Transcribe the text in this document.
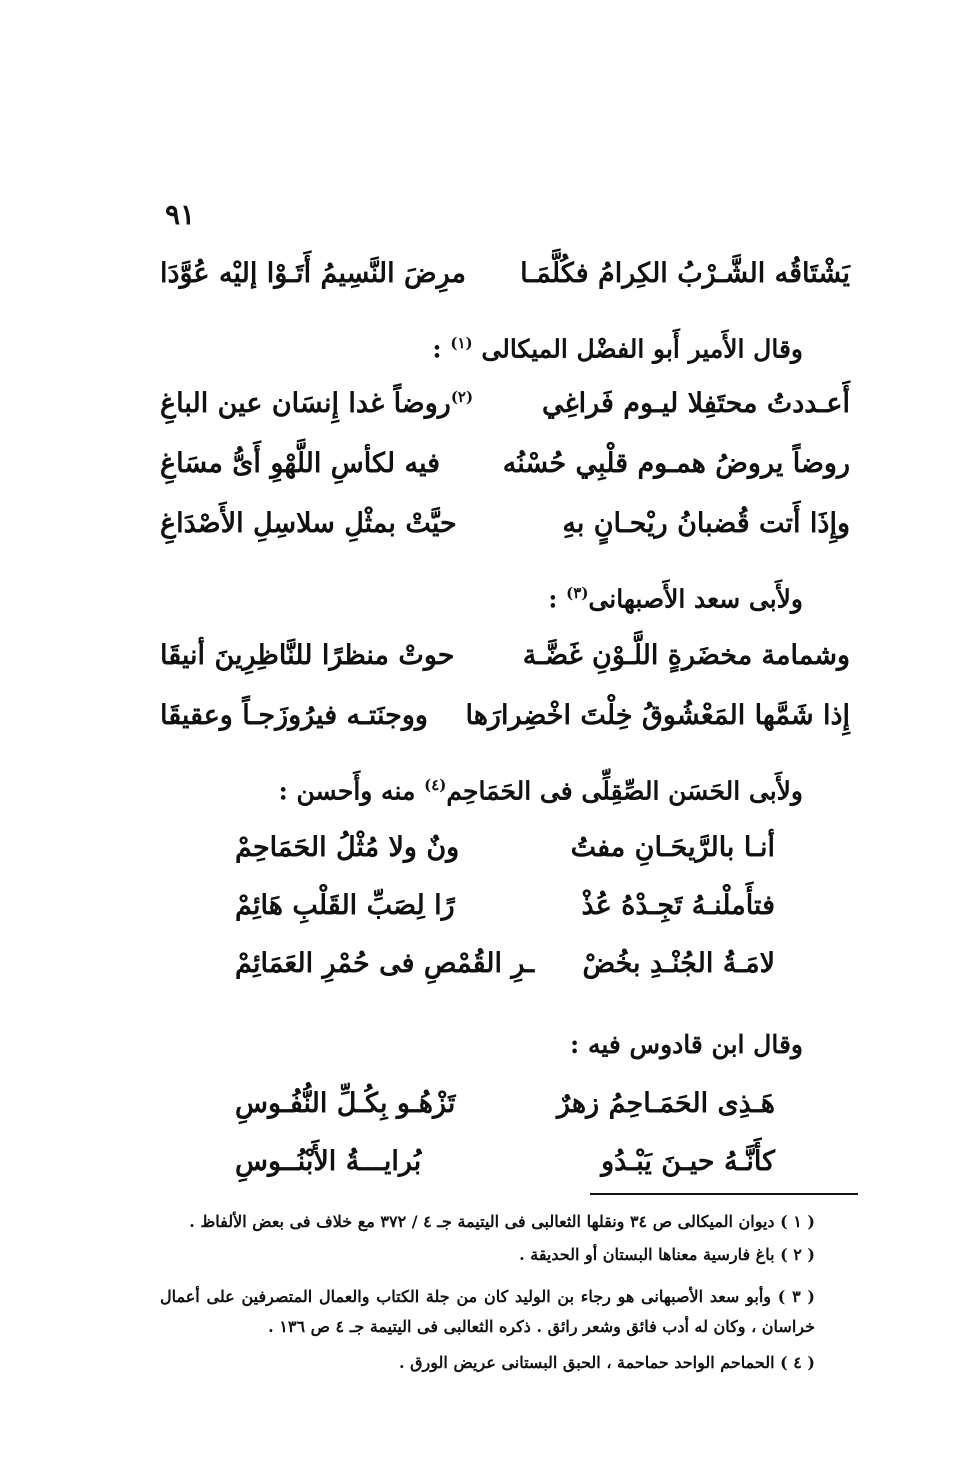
٩١
يَشْتَاقُه الشَّـرْبُ الكِرامُ فكُلَّمَـا
مرِضَ النَّسِيمُ أَتَـوْا إليْه عُوَّدَا
وقال الأَمير أَبو الفضْل الميكالى $^{(١)}$ :
أَعـددتُ محتَفِلا ليـوم فَراغِي
$^{(٢)}$روضاً غدا إِنسَان عين الباغِ
روضاً يروضُ همـوم قلْبِي حُسْنُه
فيه لكأسِ اللَّهْوِ أَىُّ مسَاغِ
وإِذَا أَتت قُضبانُ ريْحـانٍ بهِ
حيَّتْ بمثْلِ سلاسِلِ الأَصْدَاغِ
ولأَبى سعد الأَصبهانى$^{(٣)}$ :
وشمامة مخضَرةٍ اللَّـوْنِ غَضَّـة
حوتْ منظرًا للنَّاظِرِينَ أنيقَا
إِذا شَمَّها المَعْشُوقُ خِلْتَ اخْضِرارَها
ووجنَتـه فيرُوزَجـاً وعقيقَا
ولأَبى الحَسَن الصِّقِلِّى فى الحَمَاحِم$^{(٤)}$ منه وأَحسن :
أنـا بالرَّيحَـانِ مفتُ
ونٌ ولا مُثْلُ الحَمَاحِمْ
فتأَملْنـهُ تَجِـدْهُ عُذْ
رًا لِصَبِّ القَلْبِ هَائِمْ
لامَـةُ الجُنْـدِ بخُضْ
ـرِ القُمْصِ فى حُمْرِ العَمَائِمْ
وقال ابن قادوس فيه :
هَـذِى الحَمَـاحِمُ زهرٌ
تَزْهُـو بِكُـلِّ النُّفُـوسِ
كأَنَّـهُ حيـنَ يَبْـدُو
بُرايـــةُ الأَبْنُــوسِ
( ١ ) ديوان الميكالى ص ٣٤ ونقلها الثعالبى فى اليتيمة جـ ٤ / ٣٧٢ مع خلاف فى بعض الألفاظ .
( ٢ ) باغ فارسية معناها البستان أو الحديقة .
( ٣ ) وأبو سعد الأصبهانى هو رجاء بن الوليد كان من جلة الكتاب والعمال المتصرفين على أعمال خراسان ، وكان له أدب فائق وشعر رائق . ذكره الثعالبى فى اليتيمة جـ ٤ ص ١٣٦ .
( ٤ ) الحماحم الواحد حماحمة ، الحبق البستانى عريض الورق .
